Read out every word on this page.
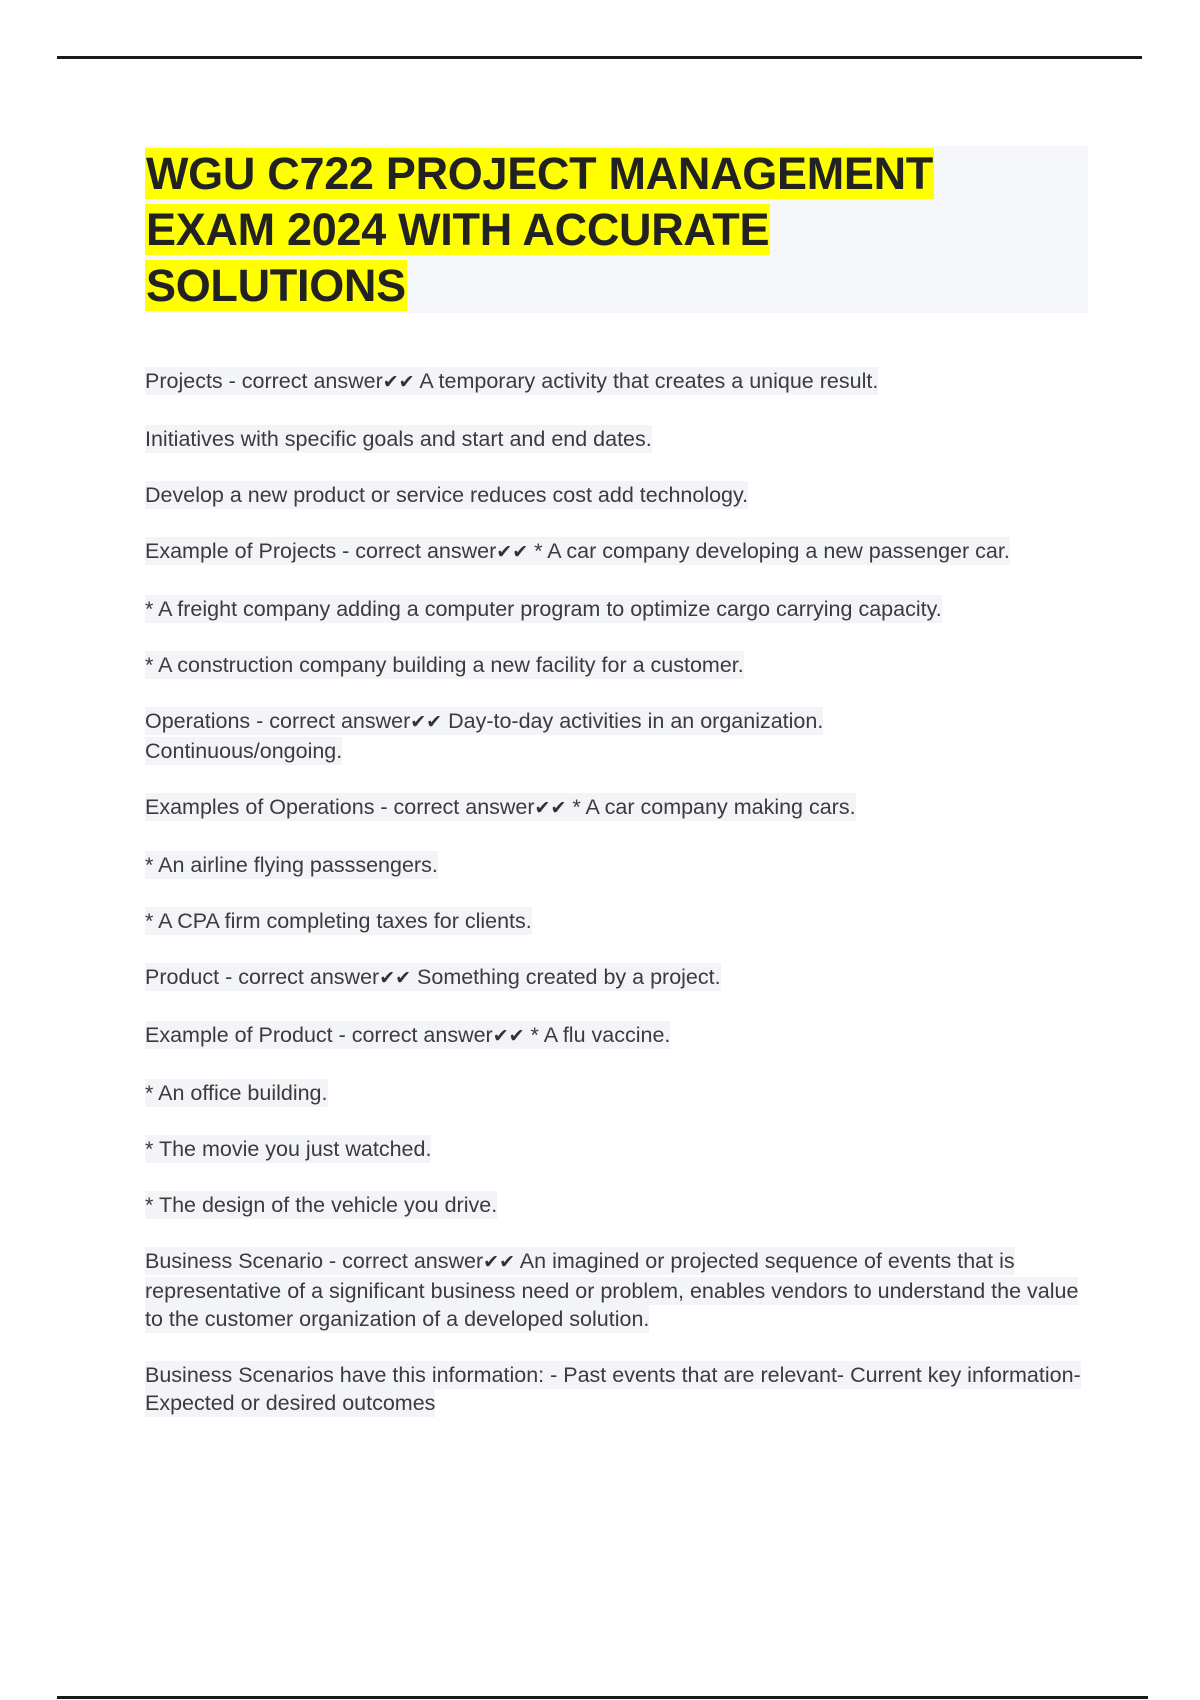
WGU C722 PROJECT MANAGEMENT
EXAM 2024 WITH ACCURATE
SOLUTIONS

Projects - correct answer✔✔ A temporary activity that creates a unique result.

Initiatives with specific goals and start and end dates.

Develop a new product or service reduces cost add technology.

Example of Projects - correct answer✔✔ * A car company developing a new passenger car.

* A freight company adding a computer program to optimize cargo carrying capacity.

* A construction company building a new facility for a customer.

Operations - correct answer✔✔ Day-to-day activities in an organization. Continuous/ongoing.

Examples of Operations - correct answer✔✔ * A car company making cars.

* An airline flying passsengers.

* A CPA firm completing taxes for clients.

Product - correct answer✔✔ Something created by a project.

Example of Product - correct answer✔✔ * A flu vaccine.

* An office building.

* The movie you just watched.

* The design of the vehicle you drive.

Business Scenario - correct answer✔✔ An imagined or projected sequence of events that is representative of a significant business need or problem, enables vendors to understand the value to the customer organization of a developed solution.

Business Scenarios have this information: - Past events that are relevant- Current key information- Expected or desired outcomes
